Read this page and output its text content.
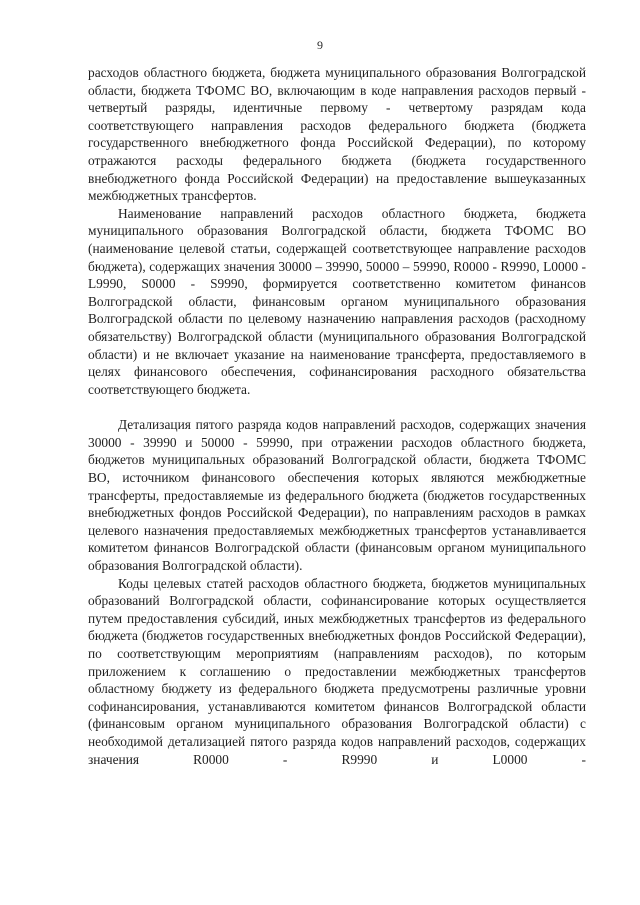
9

расходов областного бюджета, бюджета муниципального образования Волгоградской области, бюджета ТФОМС ВО, включающим в коде направления расходов первый - четвертый разряды, идентичные первому - четвертому разрядам кода соответствующего направления расходов федерального бюджета (бюджета государственного внебюджетного фонда Российской Федерации), по которому отражаются расходы федерального бюджета (бюджета государственного внебюджетного фонда Российской Федерации) на предоставление вышеуказанных межбюджетных трансфертов.

Наименование направлений расходов областного бюджета, бюджета муниципального образования Волгоградской области, бюджета ТФОМС ВО (наименование целевой статьи, содержащей соответствующее направление расходов бюджета), содержащих значения 30000 – 39990, 50000 – 59990, R0000 - R9990, L0000 - L9990, S0000 - S9990, формируется соответственно комитетом финансов Волгоградской области, финансовым органом муниципального образования Волгоградской области по целевому назначению направления расходов (расходному обязательству) Волгоградской области (муниципального образования Волгоградской области) и не включает указание на наименование трансферта, предоставляемого в целях финансового обеспечения, софинансирования расходного обязательства соответствующего бюджета.

Детализация пятого разряда кодов направлений расходов, содержащих значения 30000 - 39990 и 50000 - 59990, при отражении расходов областного бюджета, бюджетов муниципальных образований Волгоградской области, бюджета ТФОМС ВО, источником финансового обеспечения которых являются межбюджетные трансферты, предоставляемые из федерального бюджета (бюджетов государственных внебюджетных фондов Российской Федерации), по направлениям расходов в рамках целевого назначения предоставляемых межбюджетных трансфертов устанавливается комитетом финансов Волгоградской области (финансовым органом муниципального образования Волгоградской области).

Коды целевых статей расходов областного бюджета, бюджетов муниципальных образований Волгоградской области, софинансирование которых осуществляется путем предоставления субсидий, иных межбюджетных трансфертов из федерального бюджета (бюджетов государственных внебюджетных фондов Российской Федерации), по соответствующим мероприятиям (направлениям расходов), по которым приложением к соглашению о предоставлении межбюджетных трансфертов областному бюджету из федерального бюджета предусмотрены различные уровни софинансирования, устанавливаются комитетом финансов Волгоградской области (финансовым органом муниципального образования Волгоградской области) с необходимой детализацией пятого разряда кодов направлений расходов, содержащих значения R0000 - R9990 и L0000 -
